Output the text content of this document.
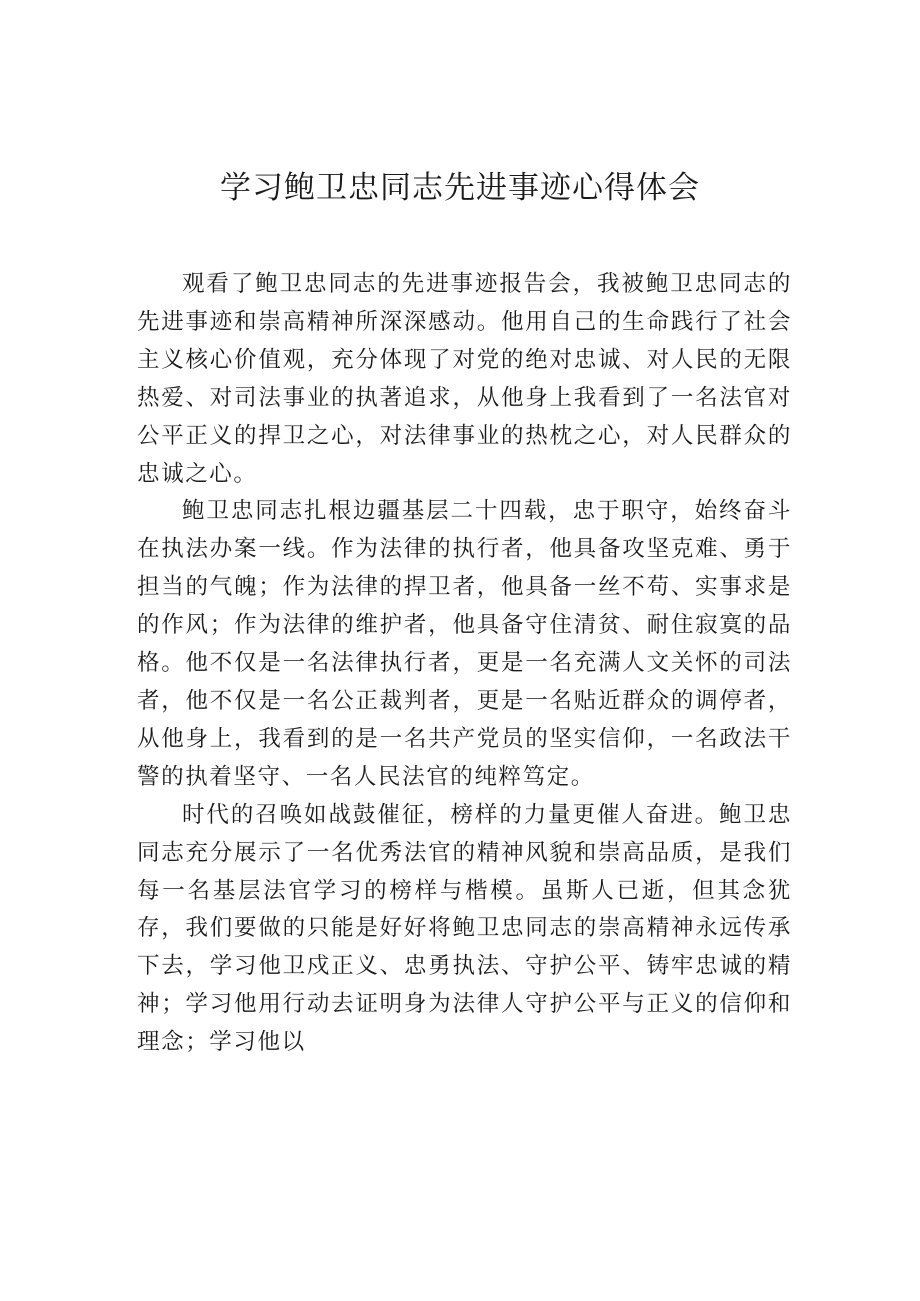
学习鲍卫忠同志先进事迹心得体会

观看了鲍卫忠同志的先进事迹报告会，我被鲍卫忠同志的先进事迹和崇高精神所深深感动。他用自己的生命践行了社会主义核心价值观，充分体现了对党的绝对忠诚、对人民的无限热爱、对司法事业的执著追求，从他身上我看到了一名法官对公平正义的捍卫之心，对法律事业的热枕之心，对人民群众的忠诚之心。

鲍卫忠同志扎根边疆基层二十四载，忠于职守，始终奋斗在执法办案一线。作为法律的执行者，他具备攻坚克难、勇于担当的气魄；作为法律的捍卫者，他具备一丝不苟、实事求是的作风；作为法律的维护者，他具备守住清贫、耐住寂寞的品格。他不仅是一名法律执行者，更是一名充满人文关怀的司法者，他不仅是一名公正裁判者，更是一名贴近群众的调停者，从他身上，我看到的是一名共产党员的坚实信仰，一名政法干警的执着坚守、一名人民法官的纯粹笃定。

时代的召唤如战鼓催征，榜样的力量更催人奋进。鲍卫忠同志充分展示了一名优秀法官的精神风貌和崇高品质，是我们每一名基层法官学习的榜样与楷模。虽斯人已逝，但其念犹存，我们要做的只能是好好将鲍卫忠同志的崇高精神永远传承下去，学习他卫戍正义、忠勇执法、守护公平、铸牢忠诚的精神；学习他用行动去证明身为法律人守护公平与正义的信仰和理念；学习他以
